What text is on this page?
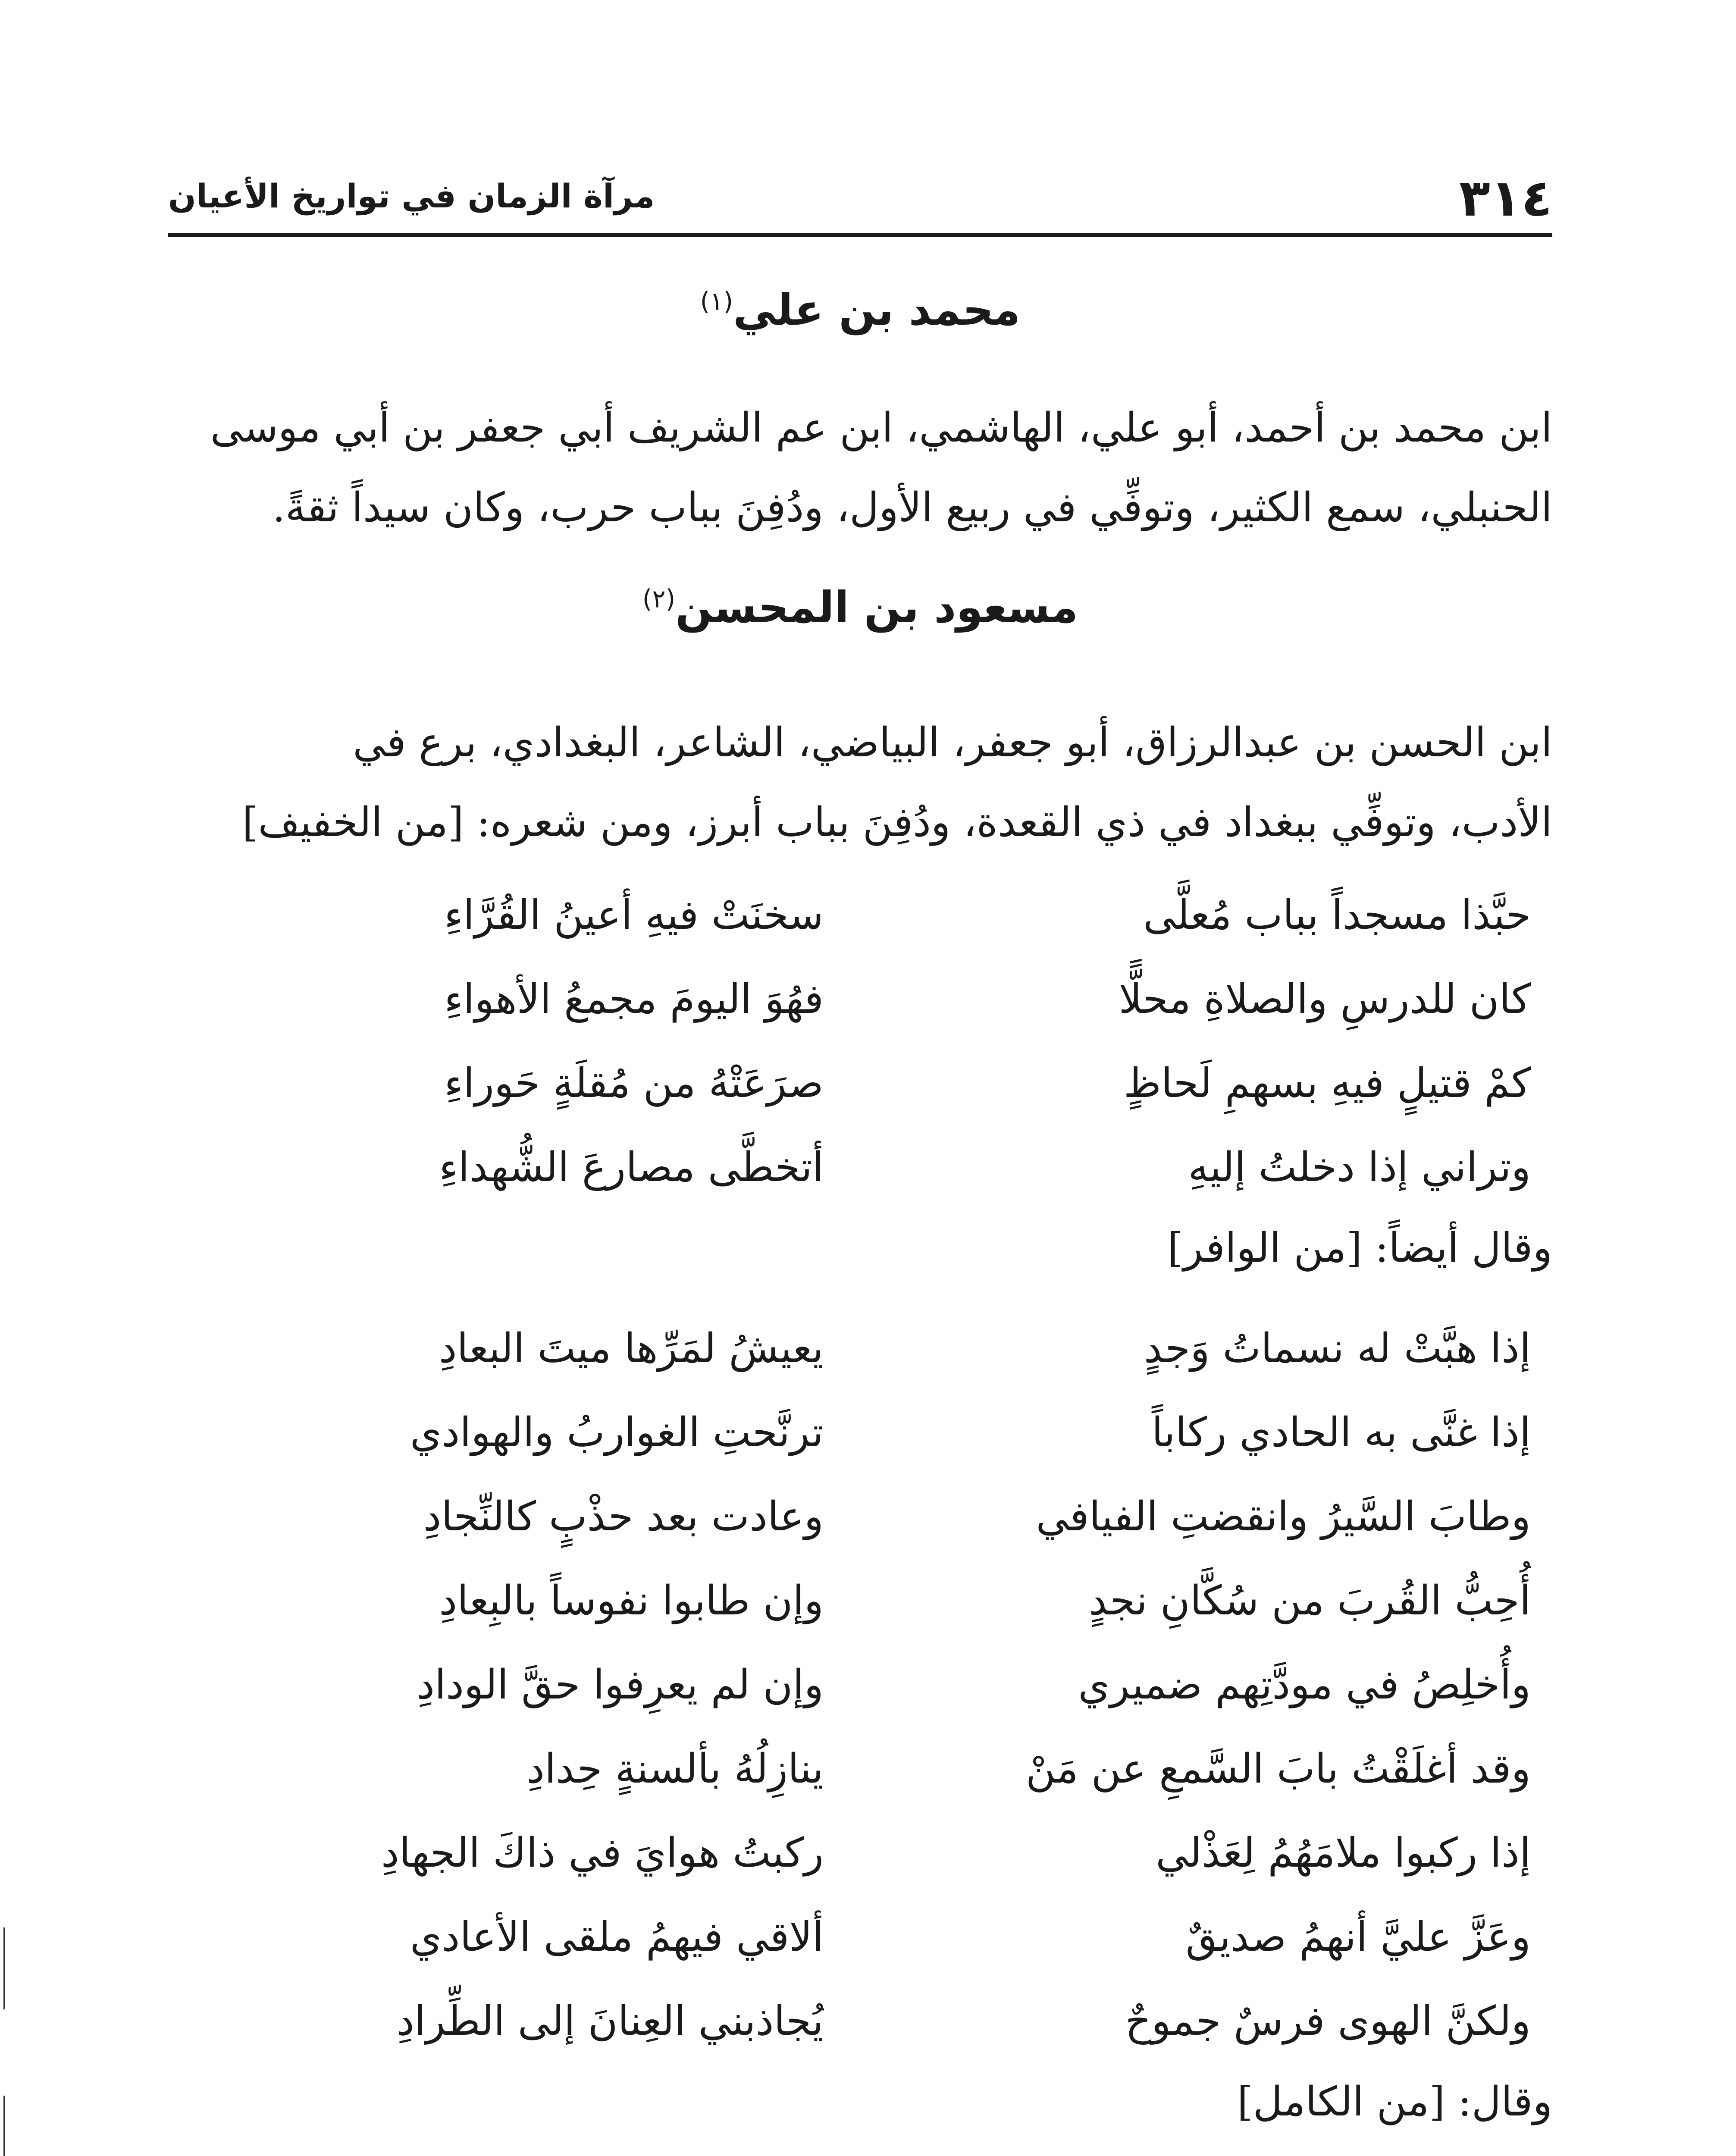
٣١٤
مرآة الزمان في تواريخ الأعيان
محمد بن علي$^{(١)}$
ابن محمد بن أحمد، أبو علي، الهاشمي، ابن عم الشريف أبي جعفر بن أبي موسى
الحنبلي، سمع الكثير، وتوفِّي في ربيع الأول، ودُفِنَ بباب حرب، وكان سيداً ثقةً.
مسعود بن المحسن$^{(٢)}$
ابن الحسن بن عبدالرزاق، أبو جعفر، البياضي، الشاعر، البغدادي، برع في
الأدب، وتوفِّي ببغداد في ذي القعدة، ودُفِنَ بباب أبرز، ومن شعره: [من الخفيف]
حبَّذا مسجداً بباب مُعلَّى
سخنَتْ فيهِ أعينُ القُرَّاءِ
كان للدرسِ والصلاةِ محلًّا
فهُوَ اليومَ مجمعُ الأهواءِ
كمْ قتيلٍ فيهِ بسهمِ لَحاظٍ
صرَعَتْهُ من مُقلَةٍ حَوراءِ
وتراني إذا دخلتُ إليهِ
أتخطَّى مصارعَ الشُّهداءِ
وقال أيضاً: [من الوافر]
إذا هبَّتْ له نسماتُ وَجدٍ
يعيشُ لمَرِّها ميتَ البعادِ
إذا غنَّى به الحادي ركاباً
ترنَّحتِ الغواربُ والهوادي
وطابَ السَّيرُ وانقضتِ الفيافي
وعادت بعد حذْبٍ كالنِّجادِ
أُحِبُّ القُربَ من سُكَّانِ نجدٍ
وإن طابوا نفوساً بالبِعادِ
وأُخلِصُ في مودَّتِهم ضميري
وإن لم يعرِفوا حقَّ الودادِ
وقد أغلَقْتُ بابَ السَّمعِ عن مَنْ
ينازِلُهُ بألسنةٍ حِدادِ
إذا ركبوا ملامَهُمُ لِعَذْلي
ركبتُ هوايَ في ذاكَ الجهادِ
وعَزَّ عليَّ أنهمُ صديقٌ
ألاقي فيهمُ ملقى الأعادي
ولكنَّ الهوى فرسٌ جموحٌ
يُجاذبني العِنانَ إلى الطِّرادِ
وقال: [من الكامل]
